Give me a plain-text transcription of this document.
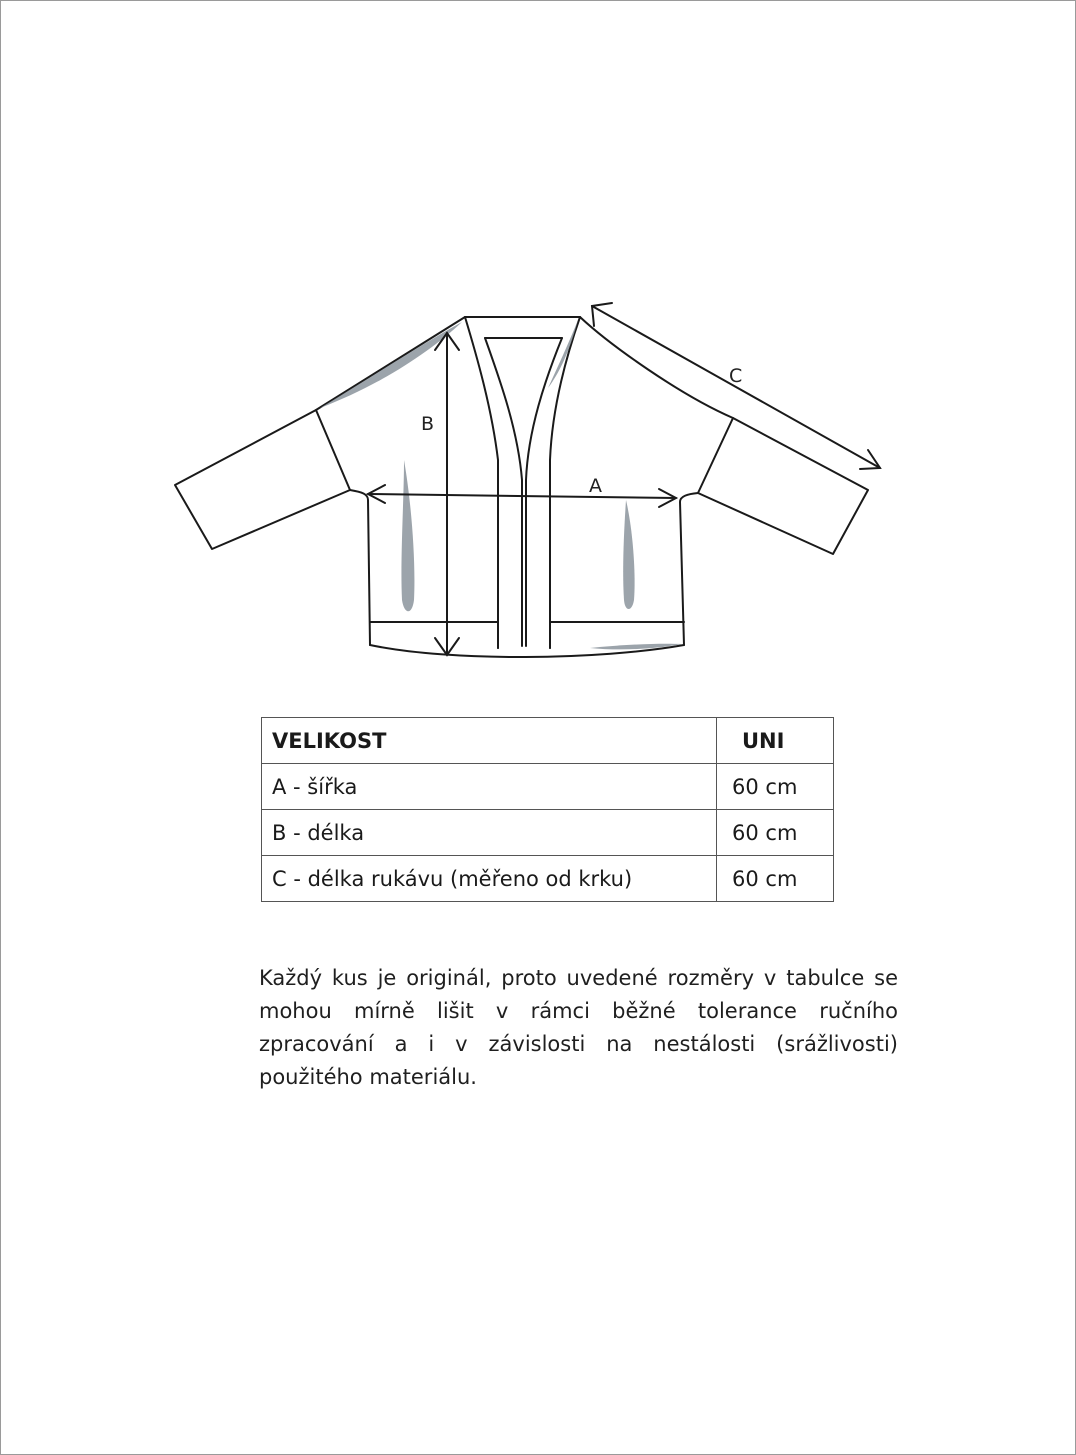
B
A
C
VELIKOST	UNI
A - šířka	60 cm
B - délka	60 cm
C - délka rukávu (měřeno od krku)	60 cm

Každý kus je originál, proto uvedené rozměry v tabulce se mohou mírně lišit v rámci běžné tolerance ručního zpracování a i v závislosti na nestálosti (srážlivosti) použitého materiálu.
